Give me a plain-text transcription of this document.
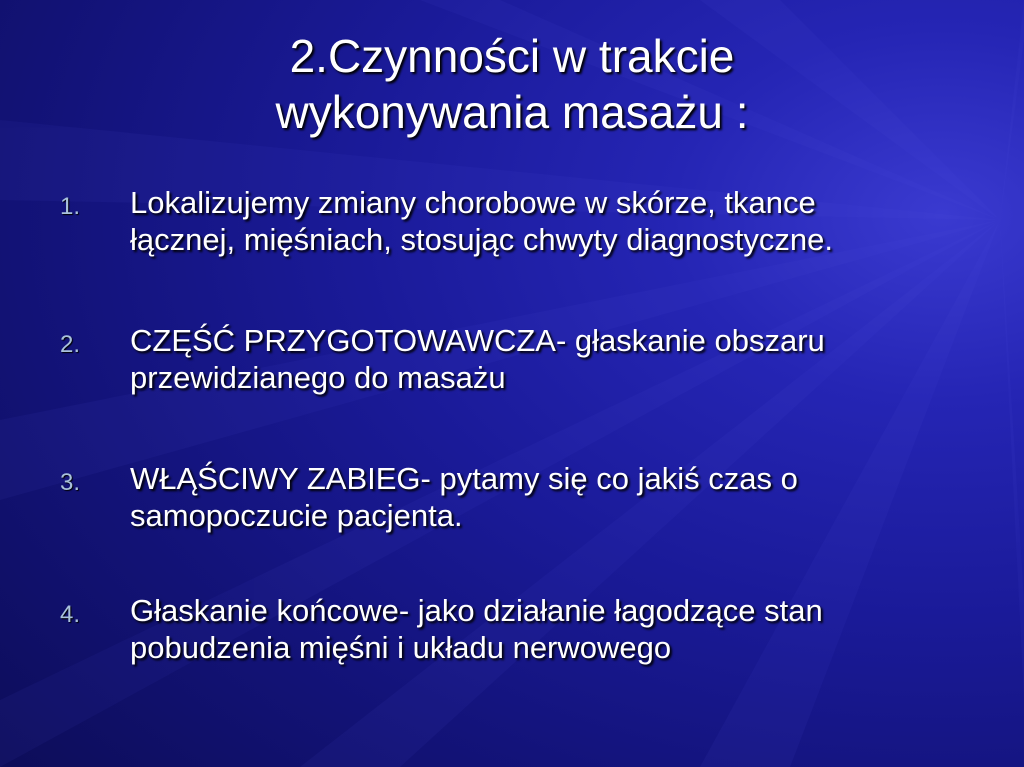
2.Czynności w trakcie
wykonywania masażu :
1. Lokalizujemy zmiany chorobowe w skórze, tkance
łącznej, mięśniach, stosując chwyty diagnostyczne.
2. CZĘŚĆ PRZYGOTOWAWCZA- głaskanie obszaru
przewidzianego do masażu
3. WŁĄŚCIWY ZABIEG- pytamy się co jakiś czas o
samopoczucie pacjenta.
4. Głaskanie końcowe- jako działanie łagodzące stan
pobudzenia mięśni i układu nerwowego
